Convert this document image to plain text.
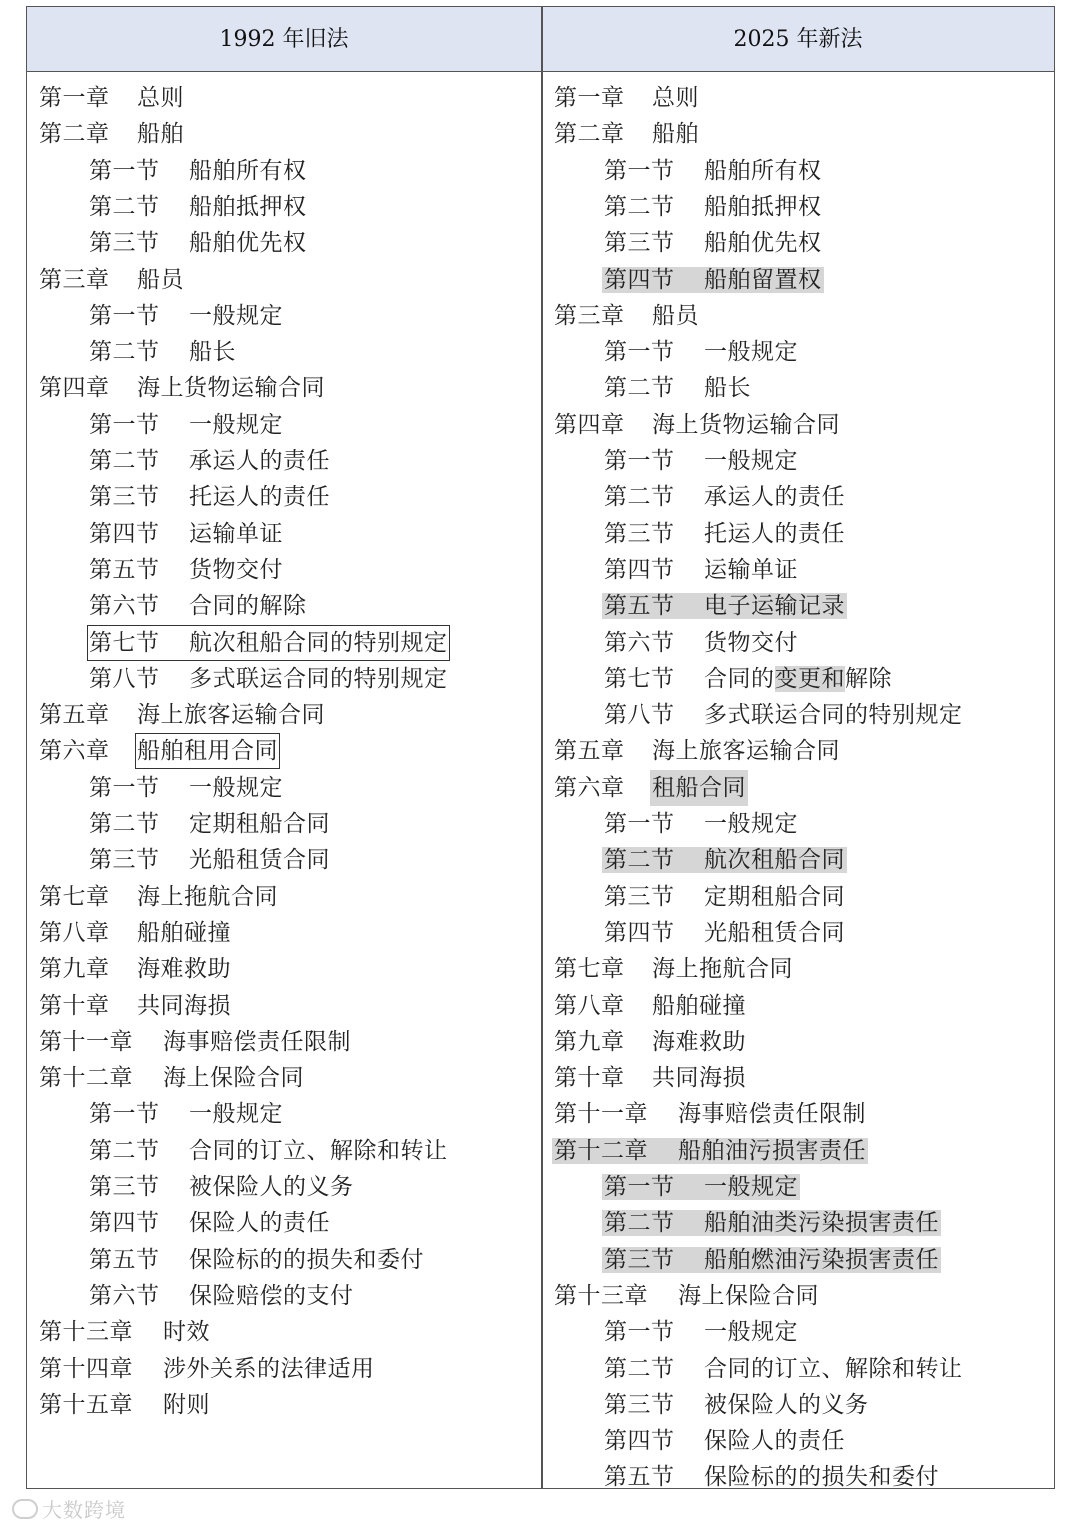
1992 年旧法	2025 年新法
第一章 总则
第二章 船舶
第一节 船舶所有权
第二节 船舶抵押权
第三节 船舶优先权
第三章 船员
第一节 一般规定
第二节 船长
第四章 海上货物运输合同
第一节 一般规定
第二节 承运人的责任
第三节 托运人的责任
第四节 运输单证
第五节 货物交付
第六节 合同的解除
第七节 航次租船合同的特别规定
第八节 多式联运合同的特别规定
第五章 海上旅客运输合同
第六章 船舶租用合同
第一节 一般规定
第二节 定期租船合同
第三节 光船租赁合同
第七章 海上拖航合同
第八章 船舶碰撞
第九章 海难救助
第十章 共同海损
第十一章 海事赔偿责任限制
第十二章 海上保险合同
第一节 一般规定
第二节 合同的订立、解除和转让
第三节 被保险人的义务
第四节 保险人的责任
第五节 保险标的的损失和委付
第六节 保险赔偿的支付
第十三章 时效
第十四章 涉外关系的法律适用
第十五章 附则
第一章 总则
第二章 船舶
第一节 船舶所有权
第二节 船舶抵押权
第三节 船舶优先权
第四节 船舶留置权
第三章 船员
第一节 一般规定
第二节 船长
第四章 海上货物运输合同
第一节 一般规定
第二节 承运人的责任
第三节 托运人的责任
第四节 运输单证
第五节 电子运输记录
第六节 货物交付
第七节 合同的变更和解除
第八节 多式联运合同的特别规定
第五章 海上旅客运输合同
第六章 租船合同
第一节 一般规定
第二节 航次租船合同
第三节 定期租船合同
第四节 光船租赁合同
第七章 海上拖航合同
第八章 船舶碰撞
第九章 海难救助
第十章 共同海损
第十一章 海事赔偿责任限制
第十二章 船舶油污损害责任
第一节 一般规定
第二节 船舶油类污染损害责任
第三节 船舶燃油污染损害责任
第十三章 海上保险合同
第一节 一般规定
第二节 合同的订立、解除和转让
第三节 被保险人的义务
第四节 保险人的责任
第五节 保险标的的损失和委付
大数跨境
